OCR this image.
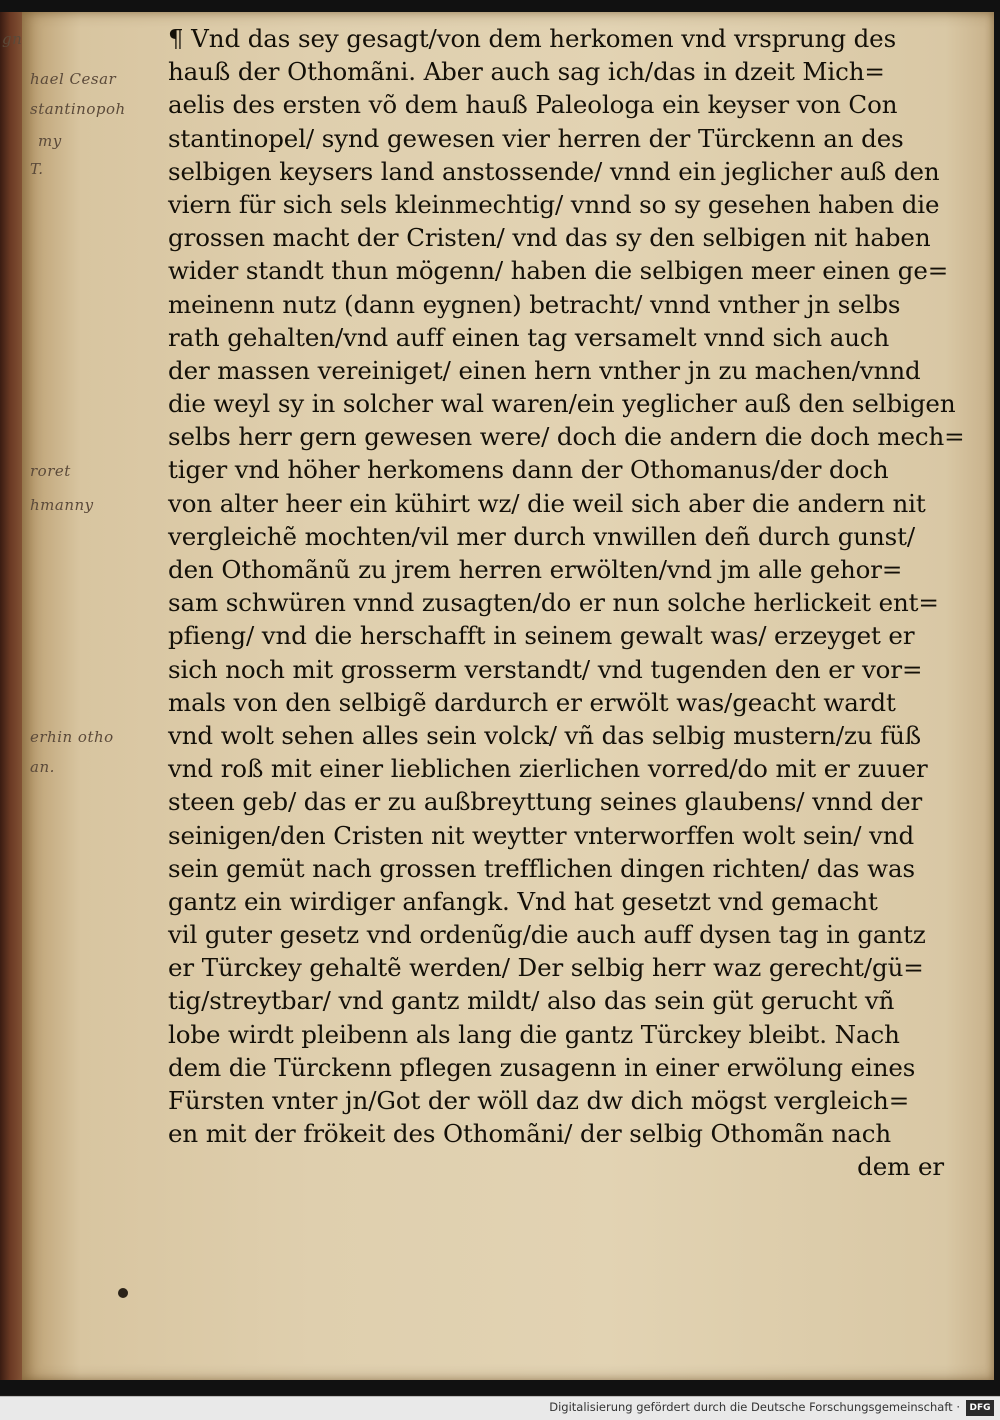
gn
hael Cesar
stantinopoh
my
T.
roret
hmanny
erhin otho
an.
¶ Vnd das sey gesagt/von dem herkomen vnd vrsprung des
hauß der Othomãni. Aber auch sag ich/das in dzeit Mich=
aelis des ersten võ dem hauß Paleologa ein keyser von Con
stantinopel/ synd gewesen vier herren der Türckenn an des
selbigen keysers land anstossende/ vnnd ein jeglicher auß den
viern für sich sels kleinmechtig/ vnnd so sy gesehen haben die
grossen macht der Cristen/ vnd das sy den selbigen nit haben
wider standt thun mögenn/ haben die selbigen meer einen ge=
meinenn nutz (dann eygnen) betracht/ vnnd vnther jn selbs
rath gehalten/vnd auff einen tag versamelt vnnd sich auch
der massen vereiniget/ einen hern vnther jn zu machen/vnnd
die weyl sy in solcher wal waren/ein yeglicher auß den selbigen
selbs herr gern gewesen were/ doch die andern die doch mech=
tiger vnd höher herkomens dann der Othomanus/der doch
von alter heer ein kühirt wz/ die weil sich aber die andern nit
vergleichẽ mochten/vil mer durch vnwillen deñ durch gunst/
den Othomãnũ zu jrem herren erwölten/vnd jm alle gehor=
sam schwüren vnnd zusagten/do er nun solche herlickeit ent=
pfieng/ vnd die herschafft in seinem gewalt was/ erzeyget er
sich noch mit grosserm verstandt/ vnd tugenden den er vor=
mals von den selbigẽ dardurch er erwölt was/geacht wardt
vnd wolt sehen alles sein volck/ vñ das selbig mustern/zu füß
vnd roß mit einer lieblichen zierlichen vorred/do mit er zuuer
steen geb/ das er zu außbreyttung seines glaubens/ vnnd der
seinigen/den Cristen nit weytter vnterworffen wolt sein/ vnd
sein gemüt nach grossen trefflichen dingen richten/ das was
gantz ein wirdiger anfangk. Vnd hat gesetzt vnd gemacht
vil guter gesetz vnd ordenũg/die auch auff dysen tag in gantz
er Türckey gehaltẽ werden/ Der selbig herr waz gerecht/gü=
tig/streytbar/ vnd gantz mildt/ also das sein güt gerucht vñ
lobe wirdt pleibenn als lang die gantz Türckey bleibt. Nach
dem die Türckenn pflegen zusagenn in einer erwölung eines
Fürsten vnter jn/Got der wöll daz dw dich mögst vergleich=
en mit der frökeit des Othomãni/ der selbig Othomãn nach
dem er
Digitalisierung gefördert durch die Deutsche Forschungsgemeinschaft ·	DFG
